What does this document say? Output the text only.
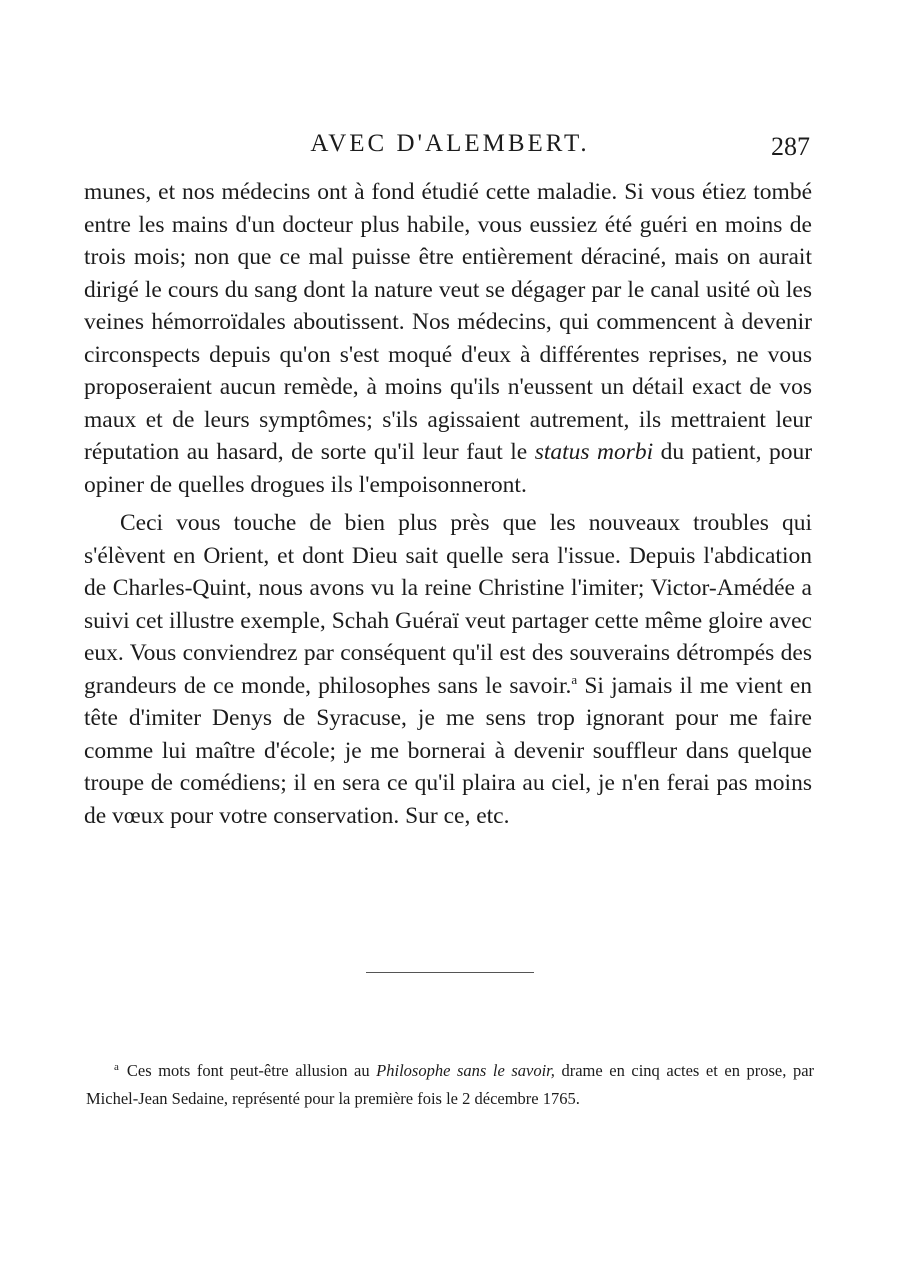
AVEC D'ALEMBERT.	287

munes, et nos médecins ont à fond étudié cette maladie. Si vous étiez tombé entre les mains d'un docteur plus habile, vous eussiez été guéri en moins de trois mois; non que ce mal puisse être entièrement déraciné, mais on aurait dirigé le cours du sang dont la nature veut se dégager par le canal usité où les veines hémorroïdales aboutissent. Nos médecins, qui commencent à devenir circonspects depuis qu'on s'est moqué d'eux à différentes reprises, ne vous proposeraient aucun remède, à moins qu'ils n'eussent un détail exact de vos maux et de leurs symptômes; s'ils agissaient autrement, ils mettraient leur réputation au hasard, de sorte qu'il leur faut le status morbi du patient, pour opiner de quelles drogues ils l'empoisonneront.

Ceci vous touche de bien plus près que les nouveaux troubles qui s'élèvent en Orient, et dont Dieu sait quelle sera l'issue. Depuis l'abdication de Charles-Quint, nous avons vu la reine Christine l'imiter; Victor-Amédée a suivi cet illustre exemple, Schah Guéraï veut partager cette même gloire avec eux. Vous conviendrez par conséquent qu'il est des souverains détrompés des grandeurs de ce monde, philosophes sans le savoir.$^a$ Si jamais il me vient en tête d'imiter Denys de Syracuse, je me sens trop ignorant pour me faire comme lui maître d'école; je me bornerai à devenir souffleur dans quelque troupe de comédiens; il en sera ce qu'il plaira au ciel, je n'en ferai pas moins de vœux pour votre conservation. Sur ce, etc.

$^a$ Ces mots font peut-être allusion au Philosophe sans le savoir, drame en cinq actes et en prose, par Michel-Jean Sedaine, représenté pour la première fois le 2 décembre 1765.
